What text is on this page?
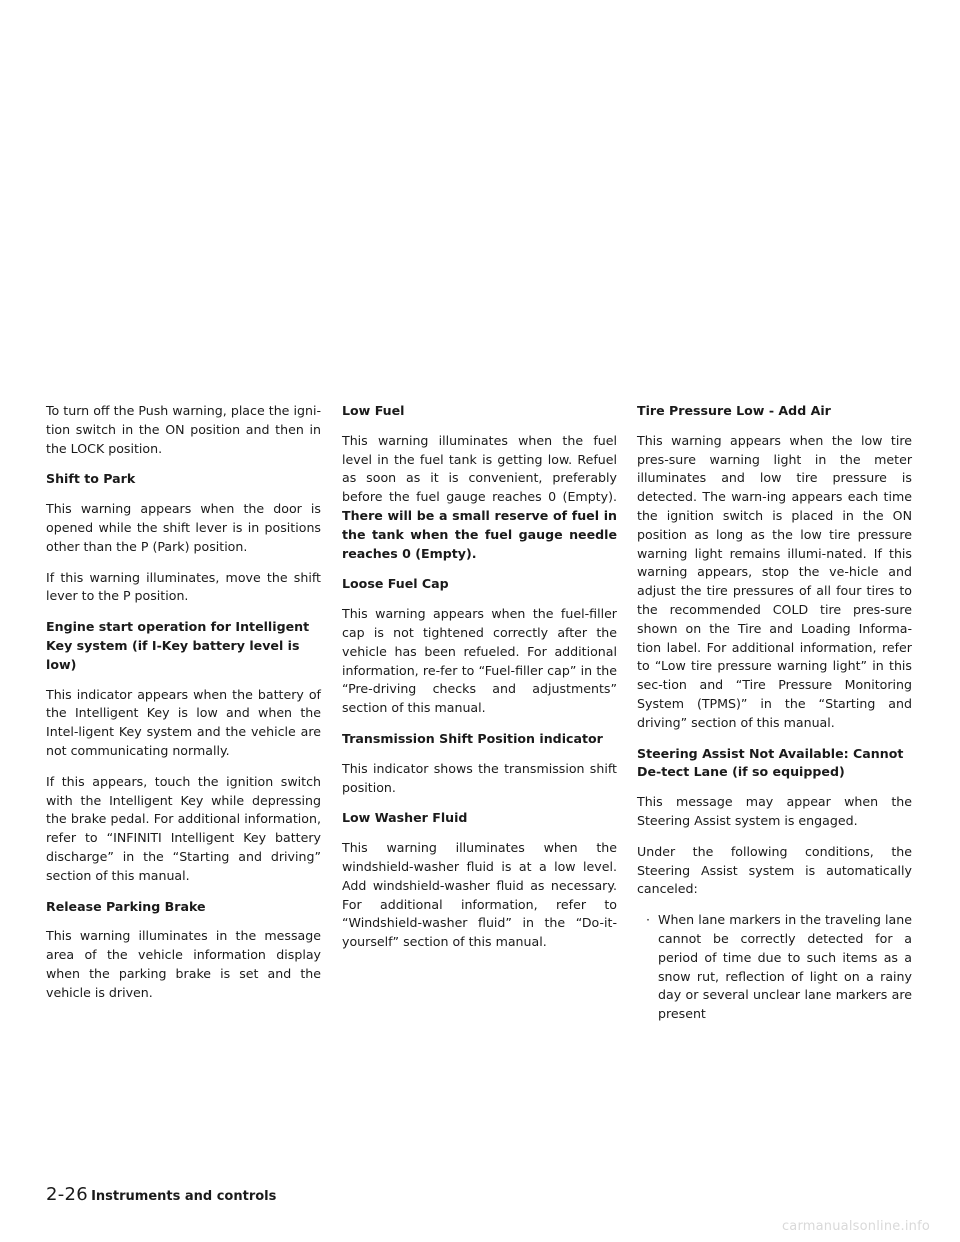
To turn off the Push warning, place the igni-tion switch in the ON position and then in the LOCK position.

Shift to Park

This warning appears when the door is opened while the shift lever is in positions other than the P (Park) position.

If this warning illuminates, move the shift lever to the P position.

Engine start operation for Intelligent Key system (if I-Key battery level is low)

This indicator appears when the battery of the Intelligent Key is low and when the Intel-ligent Key system and the vehicle are not communicating normally.

If this appears, touch the ignition switch with the Intelligent Key while depressing the brake pedal. For additional information, refer to “INFINITI Intelligent Key battery discharge” in the “Starting and driving” section of this manual.

Release Parking Brake

This warning illuminates in the message area of the vehicle information display when the parking brake is set and the vehicle is driven.

Low Fuel

This warning illuminates when the fuel level in the fuel tank is getting low. Refuel as soon as it is convenient, preferably before the fuel gauge reaches 0 (Empty). There will be a small reserve of fuel in the tank when the fuel gauge needle reaches 0 (Empty).

Loose Fuel Cap

This warning appears when the fuel-filler cap is not tightened correctly after the vehicle has been refueled. For additional information, re-fer to “Fuel-filler cap” in the “Pre-driving checks and adjustments” section of this manual.

Transmission Shift Position indicator

This indicator shows the transmission shift position.

Low Washer Fluid

This warning illuminates when the windshield-washer fluid is at a low level. Add windshield-washer fluid as necessary. For additional information, refer to “Windshield-washer fluid” in the “Do-it-yourself” section of this manual.

Tire Pressure Low - Add Air

This warning appears when the low tire pres-sure warning light in the meter illuminates and low tire pressure is detected. The warn-ing appears each time the ignition switch is placed in the ON position as long as the low tire pressure warning light remains illumi-nated. If this warning appears, stop the ve-hicle and adjust the tire pressures of all four tires to the recommended COLD tire pres-sure shown on the Tire and Loading Informa-tion label. For additional information, refer to “Low tire pressure warning light” in this sec-tion and “Tire Pressure Monitoring System (TPMS)” in the “Starting and driving” section of this manual.

Steering Assist Not Available: Cannot De-tect Lane (if so equipped)

This message may appear when the Steering Assist system is engaged.

Under the following conditions, the Steering Assist system is automatically canceled:

· When lane markers in the traveling lane cannot be correctly detected for a period of time due to such items as a snow rut, reflection of light on a rainy day or several unclear lane markers are present
2-26 Instruments and controls
carmanualsonline.info
